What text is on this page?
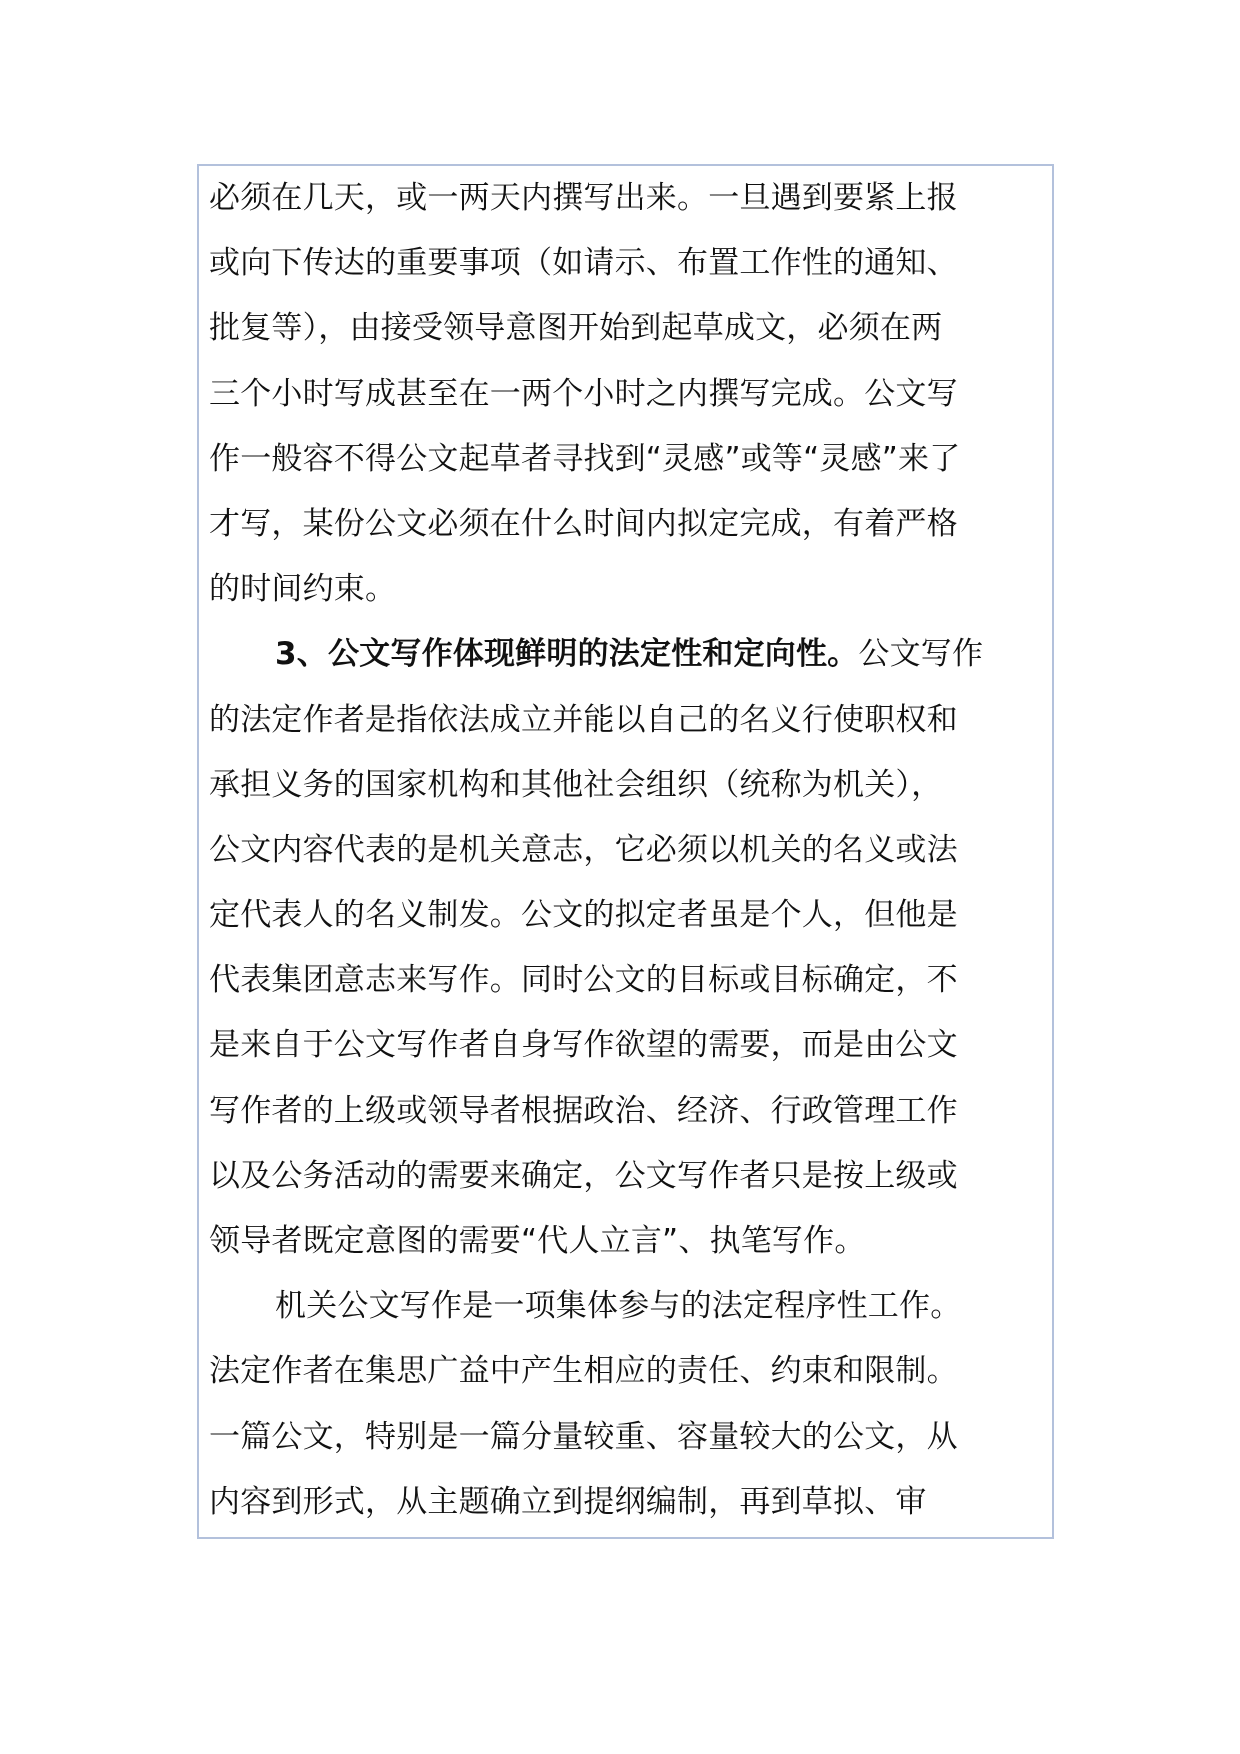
必须在几天，或一两天内撰写出来。一旦遇到要紧上报
或向下传达的重要事项（如请示、布置工作性的通知、
批复等），由接受领导意图开始到起草成文，必须在两
三个小时写成甚至在一两个小时之内撰写完成。公文写
作一般容不得公文起草者寻找到“灵感”或等“灵感”来了
才写，某份公文必须在什么时间内拟定完成，有着严格
的时间约束。
3、公文写作体现鲜明的法定性和定向性。公文写作
的法定作者是指依法成立并能以自己的名义行使职权和
承担义务的国家机构和其他社会组织（统称为机关），
公文内容代表的是机关意志，它必须以机关的名义或法
定代表人的名义制发。公文的拟定者虽是个人，但他是
代表集团意志来写作。同时公文的目标或目标确定，不
是来自于公文写作者自身写作欲望的需要，而是由公文
写作者的上级或领导者根据政治、经济、行政管理工作
以及公务活动的需要来确定，公文写作者只是按上级或
领导者既定意图的需要“代人立言”、执笔写作。
机关公文写作是一项集体参与的法定程序性工作。
法定作者在集思广益中产生相应的责任、约束和限制。
一篇公文，特别是一篇分量较重、容量较大的公文，从
内容到形式，从主题确立到提纲编制，再到草拟、审
